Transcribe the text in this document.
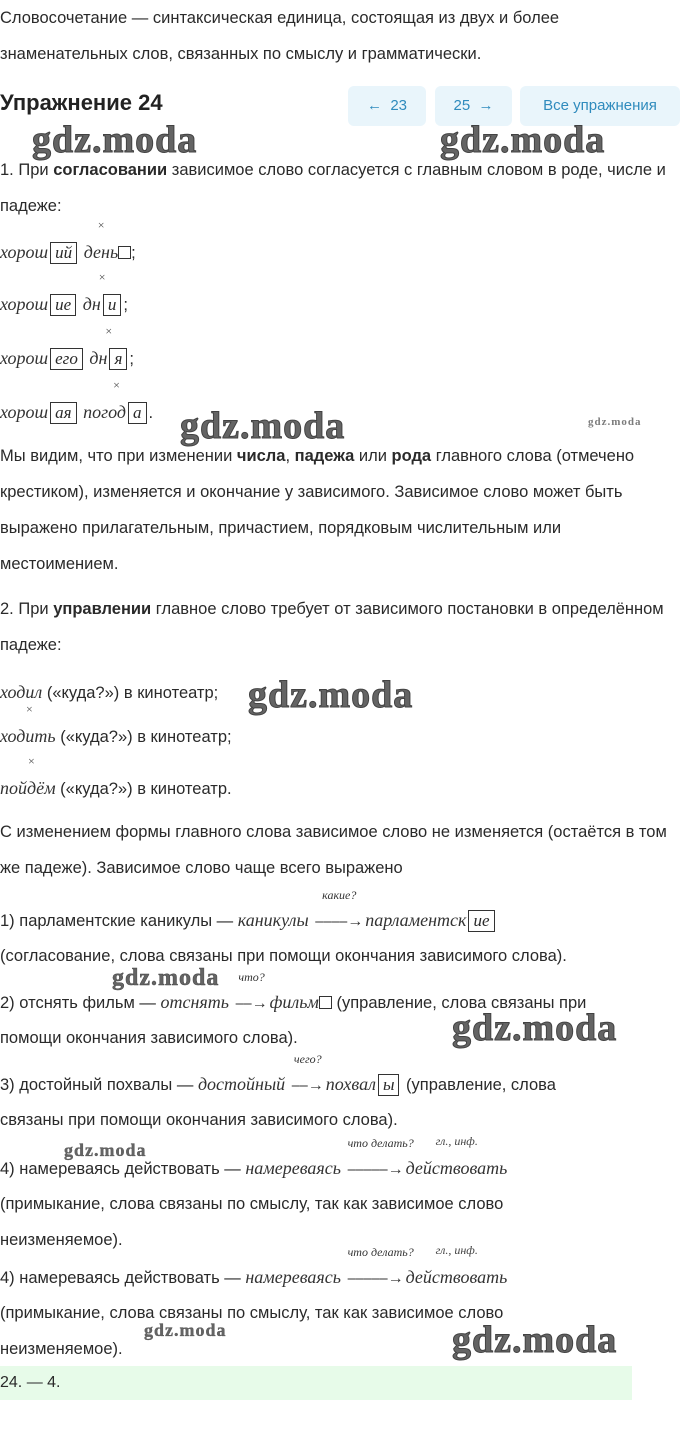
Словосочетание — синтаксическая единица, состоящая из двух и более знаменательных слов, связанных по смыслу и грамматически.
Упражнение 24	← 23	25 →	Все упражнения
gdz.moda	gdz.moda
gdz.moda	gdz.moda
gdz.moda
gdz.moda
gdz.moda
gdz.moda
gdz.moda	gdz.moda
1. При согласовании зависимое слово согласуется с главным словом в роде, числе и падеже:
хорош ий
×
день ;
хорош ие
×
дн и ;
хорош его
×
дн я ;
хорош ая
×
погод а .
Мы видим, что при изменении числа, падежа или рода главного слова (отмечено крестиком), изменяется и окончание у зависимого. Зависимое слово может быть выражено прилагательным, причастием, порядковым числительным или местоимением.
2. При управлении главное слово требует от зависимого постановки в определённом падеже:
ходил («куда?») в кинотеатр;
×
ходить («куда?») в кинотеатр;
×
пойдём («куда?») в кинотеатр.
С изменением формы главного слова зависимое слово не изменяется (остаётся в том же падеже). Зависимое слово чаще всего выражено
1) парламентские каникулы — каникулы
какие?
⎯⎯⎯⎯→ парламентск ие
(согласование, слова связаны при помощи окончания зависимого слова).
2) отснять фильм — отснять
что?
⎯⎯→ фильм (управление, слова связаны при
помощи окончания зависимого слова).
3) достойный похвалы — достойный
чего?
⎯⎯→ похвал ы (управление, слова
связаны при помощи окончания зависимого слова).
4) намереваясь действовать — намереваясь
что делать?
⎯⎯⎯⎯⎯→
гл., инф.
действовать
(примыкание, слова связаны по смыслу, так как зависимое слово
неизменяемое).
4) намереваясь действовать — намереваясь
что делать?
⎯⎯⎯⎯⎯→
гл., инф.
действовать
(примыкание, слова связаны по смыслу, так как зависимое слово
неизменяемое).
24. — 4.
